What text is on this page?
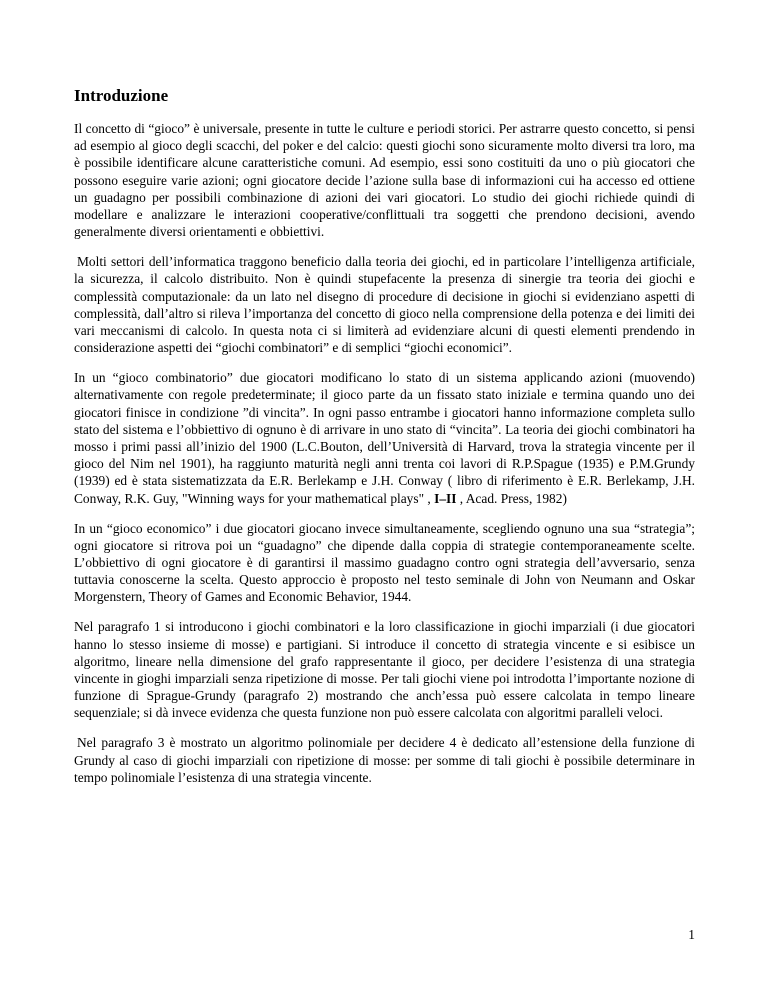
Introduzione

Il concetto di “gioco” è universale, presente in tutte le culture e periodi storici. Per astrarre questo concetto, si pensi ad esempio al gioco degli scacchi, del poker e del calcio: questi giochi sono sicuramente molto diversi tra loro, ma è possibile identificare alcune caratteristiche comuni. Ad esempio, essi sono costituiti da uno o più giocatori che possono eseguire varie azioni; ogni giocatore decide l’azione sulla base di informazioni cui ha accesso ed ottiene un guadagno per possibili combinazione di azioni dei vari giocatori. Lo studio dei giochi richiede quindi di modellare e analizzare le interazioni cooperative/conflittuali tra soggetti che prendono decisioni, avendo generalmente diversi orientamenti e obbiettivi.

Molti settori dell’informatica traggono beneficio dalla teoria dei giochi, ed in particolare l’intelligenza artificiale, la sicurezza, il calcolo distribuito. Non è quindi stupefacente la presenza di sinergie tra teoria dei giochi e complessità computazionale: da un lato nel disegno di procedure di decisione in giochi si evidenziano aspetti di complessità, dall’altro si rileva l’importanza del concetto di gioco nella comprensione della potenza e dei limiti dei vari meccanismi di calcolo. In questa nota ci si limiterà ad evidenziare alcuni di questi elementi prendendo in considerazione aspetti dei “giochi combinatori” e di semplici “giochi economici”.

In un “gioco combinatorio” due giocatori modificano lo stato di un sistema applicando azioni (muovendo) alternativamente con regole predeterminate; il gioco parte da un fissato stato iniziale e termina quando uno dei giocatori finisce in condizione ”di vincita”. In ogni passo entrambe i giocatori hanno informazione completa sullo stato del sistema e l’obbiettivo di ognuno è di arrivare in uno stato di “vincita”. La teoria dei giochi combinatori ha mosso i primi passi all’inizio del 1900 (L.C.Bouton, dell’Università di Harvard, trova la strategia vincente per il gioco del Nim nel 1901), ha raggiunto maturità negli anni trenta coi lavori di R.P.Spague (1935) e P.M.Grundy (1939) ed è stata sistematizzata da E.R. Berlekamp e J.H. Conway ( libro di riferimento è E.R. Berlekamp, J.H. Conway, R.K. Guy, "Winning ways for your mathematical plays" , I–II , Acad. Press, 1982)

In un “gioco economico” i due giocatori giocano invece simultaneamente, scegliendo ognuno una sua “strategia”; ogni giocatore si ritrova poi un “guadagno” che dipende dalla coppia di strategie contemporaneamente scelte. L’obbiettivo di ogni giocatore è di garantirsi il massimo guadagno contro ogni strategia dell’avversario, senza tuttavia conoscerne la scelta. Questo approccio è proposto nel testo seminale di John von Neumann and Oskar Morgenstern, Theory of Games and Economic Behavior, 1944.

Nel paragrafo 1 si introducono i giochi combinatori e la loro classificazione in giochi imparziali (i due giocatori hanno lo stesso insieme di mosse) e partigiani. Si introduce il concetto di strategia vincente e si esibisce un algoritmo, lineare nella dimensione del grafo rappresentante il gioco, per decidere l’esistenza di una strategia vincente in gioghi imparziali senza ripetizione di mosse. Per tali giochi viene poi introdotta l’importante nozione di funzione di Sprague-Grundy (paragrafo 2) mostrando che anch’essa può essere calcolata in tempo lineare sequenziale; si dà invece evidenza che questa funzione non può essere calcolata con algoritmi paralleli veloci.

Nel paragrafo 3 è mostrato un algoritmo polinomiale per decidere 4 è dedicato all’estensione della funzione di Grundy al caso di giochi imparziali con ripetizione di mosse: per somme di tali giochi è possibile determinare in tempo polinomiale l’esistenza di una strategia vincente.

1
